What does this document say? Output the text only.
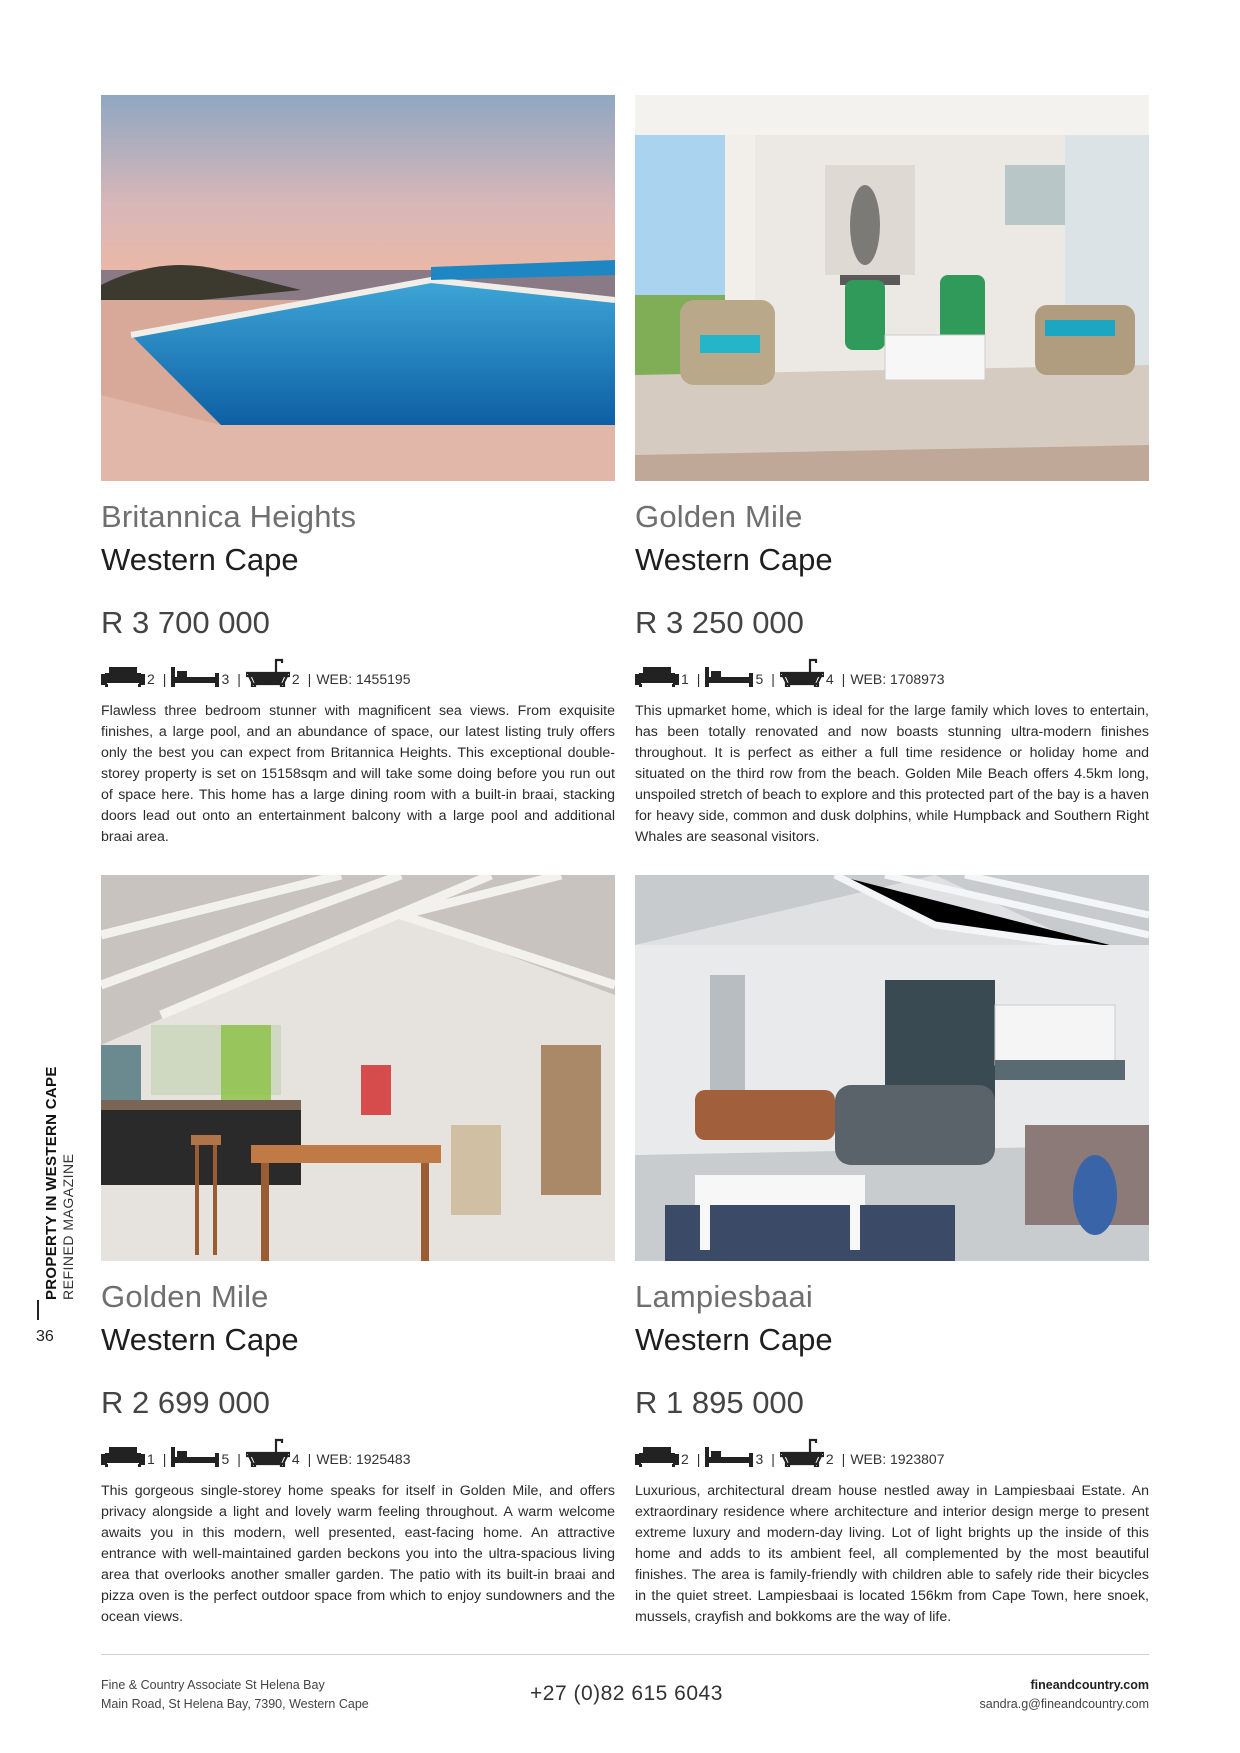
Britannica Heights
Western Cape
R 3 700 000
2 |	3 |	2 | WEB: 1455195
Flawless three bedroom stunner with magnificent sea views. From exquisite finishes, a large pool, and an abundance of space, our latest listing truly offers only the best you can expect from Britannica Heights. This exceptional double-storey property is set on 15158sqm and will take some doing before you run out of space here. This home has a large dining room with a built-in braai, stacking doors lead out onto an entertainment balcony with a large pool and additional braai area.
Golden Mile
Western Cape
R 3 250 000
1 |	5 |	4 | WEB: 1708973
This upmarket home, which is ideal for the large family which loves to entertain, has been totally renovated and now boasts stunning ultra-modern finishes throughout. It is perfect as either a full time residence or holiday home and situated on the third row from the beach. Golden Mile Beach offers 4.5km long, unspoiled stretch of beach to explore and this protected part of the bay is a haven for heavy side, common and dusk dolphins, while Humpback and Southern Right Whales are seasonal visitors.
Golden Mile
Western Cape
R 2 699 000
1 |	5 |	4 | WEB: 1925483
This gorgeous single-storey home speaks for itself in Golden Mile, and offers privacy alongside a light and lovely warm feeling throughout. A warm welcome awaits you in this modern, well presented, east-facing home. An attractive entrance with well-maintained garden beckons you into the ultra-spacious living area that overlooks another smaller garden. The patio with its built-in braai and pizza oven is the perfect outdoor space from which to enjoy sundowners and the ocean views.
Lampiesbaai
Western Cape
R 1 895 000
2 |	3 |	2 | WEB: 1923807
Luxurious, architectural dream house nestled away in Lampiesbaai Estate. An extraordinary residence where architecture and interior design merge to present extreme luxury and modern-day living. Lot of light brights up the inside of this home and adds to its ambient feel, all complemented by the most beautiful finishes. The area is family-friendly with children able to safely ride their bicycles in the quiet street. Lampiesbaai is located 156km from Cape Town, here snoek, mussels, crayfish and bokkoms are the way of life.
PROPERTY IN WESTERN CAPE REFINED MAGAZINE
36
Fine & Country Associate St Helena Bay
Main Road, St Helena Bay, 7390, Western Cape	+27 (0)82 615 6043	fineandcountry.com
sandra.g@fineandcountry.com
